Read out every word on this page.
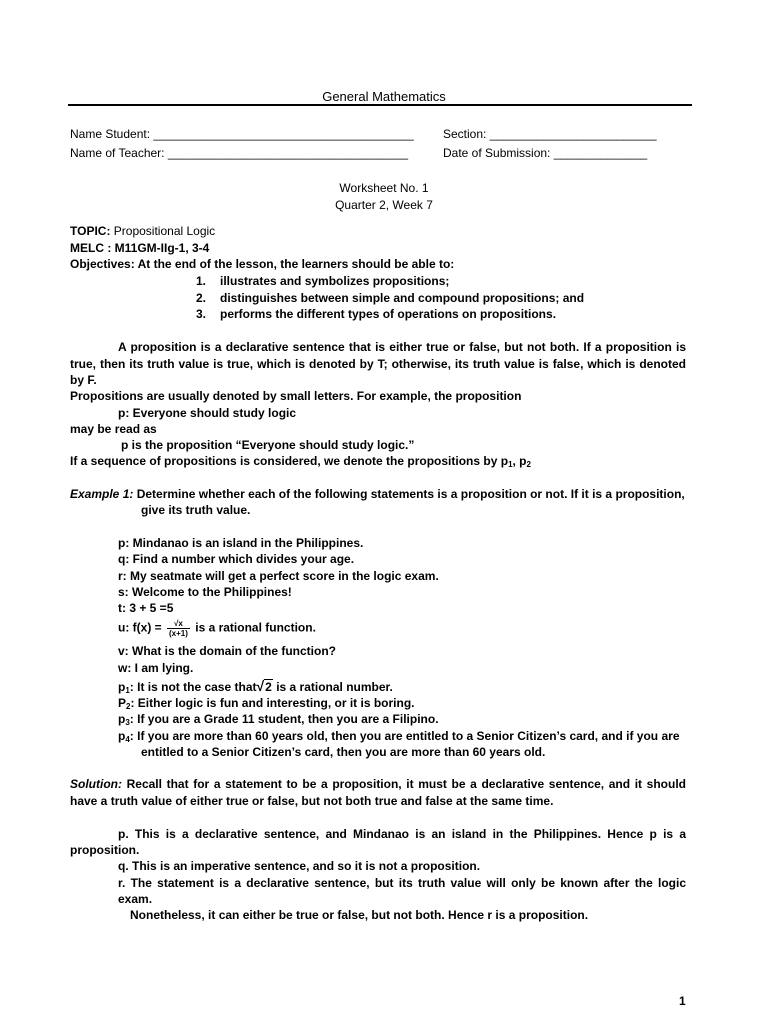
General Mathematics
Name Student: _______________________________________ Section: _________________________
Name of Teacher: ____________________________________	Date of Submission: ______________
Worksheet No. 1
Quarter 2, Week 7
TOPIC: Propositional Logic
MELC : M11GM-IIg-1, 3-4
Objectives: At the end of the lesson, the learners should be able to:
1. illustrates and symbolizes propositions;
2. distinguishes between simple and compound propositions; and
3. performs the different types of operations on propositions.
A proposition is a declarative sentence that is either true or false, but not both. If a proposition is
true, then its truth value is true, which is denoted by T; otherwise, its truth value is false, which is denoted
by F.
Propositions are usually denoted by small letters. For example, the proposition
p: Everyone should study logic
may be read as
p is the proposition “Everyone should study logic.”
If a sequence of propositions is considered, we denote the propositions by $p_1$, $p_2$
Example 1: Determine whether each of the following statements is a proposition or not. If it is a proposition,
give its truth value.
p: Mindanao is an island in the Philippines.
q: Find a number which divides your age.
r: My seatmate will get a perfect score in the logic exam.
s: Welcome to the Philippines!
t: 3 + 5 =5
u: $f(x) = \frac{√x}{(x+1)}$ is a rational function.
v: What is the domain of the function?
w: I am lying.
$p_1$: It is not the case that√2 is a rational number.
$P_2$: Either logic is fun and interesting, or it is boring.
$p_3$: If you are a Grade 11 student, then you are a Filipino.
$p_4$: If you are more than 60 years old, then you are entitled to a Senior Citizen’s card, and if you are
entitled to a Senior Citizen’s card, then you are more than 60 years old.
Solution: Recall that for a statement to be a proposition, it must be a declarative sentence, and it should
have a truth value of either true or false, but not both true and false at the same time.
p. This is a declarative sentence, and Mindanao is an island in the Philippines. Hence p is a
proposition.
q. This is an imperative sentence, and so it is not a proposition.
r. The statement is a declarative sentence, but its truth value will only be known after the logic
exam.
Nonetheless, it can either be true or false, but not both. Hence r is a proposition.
1
